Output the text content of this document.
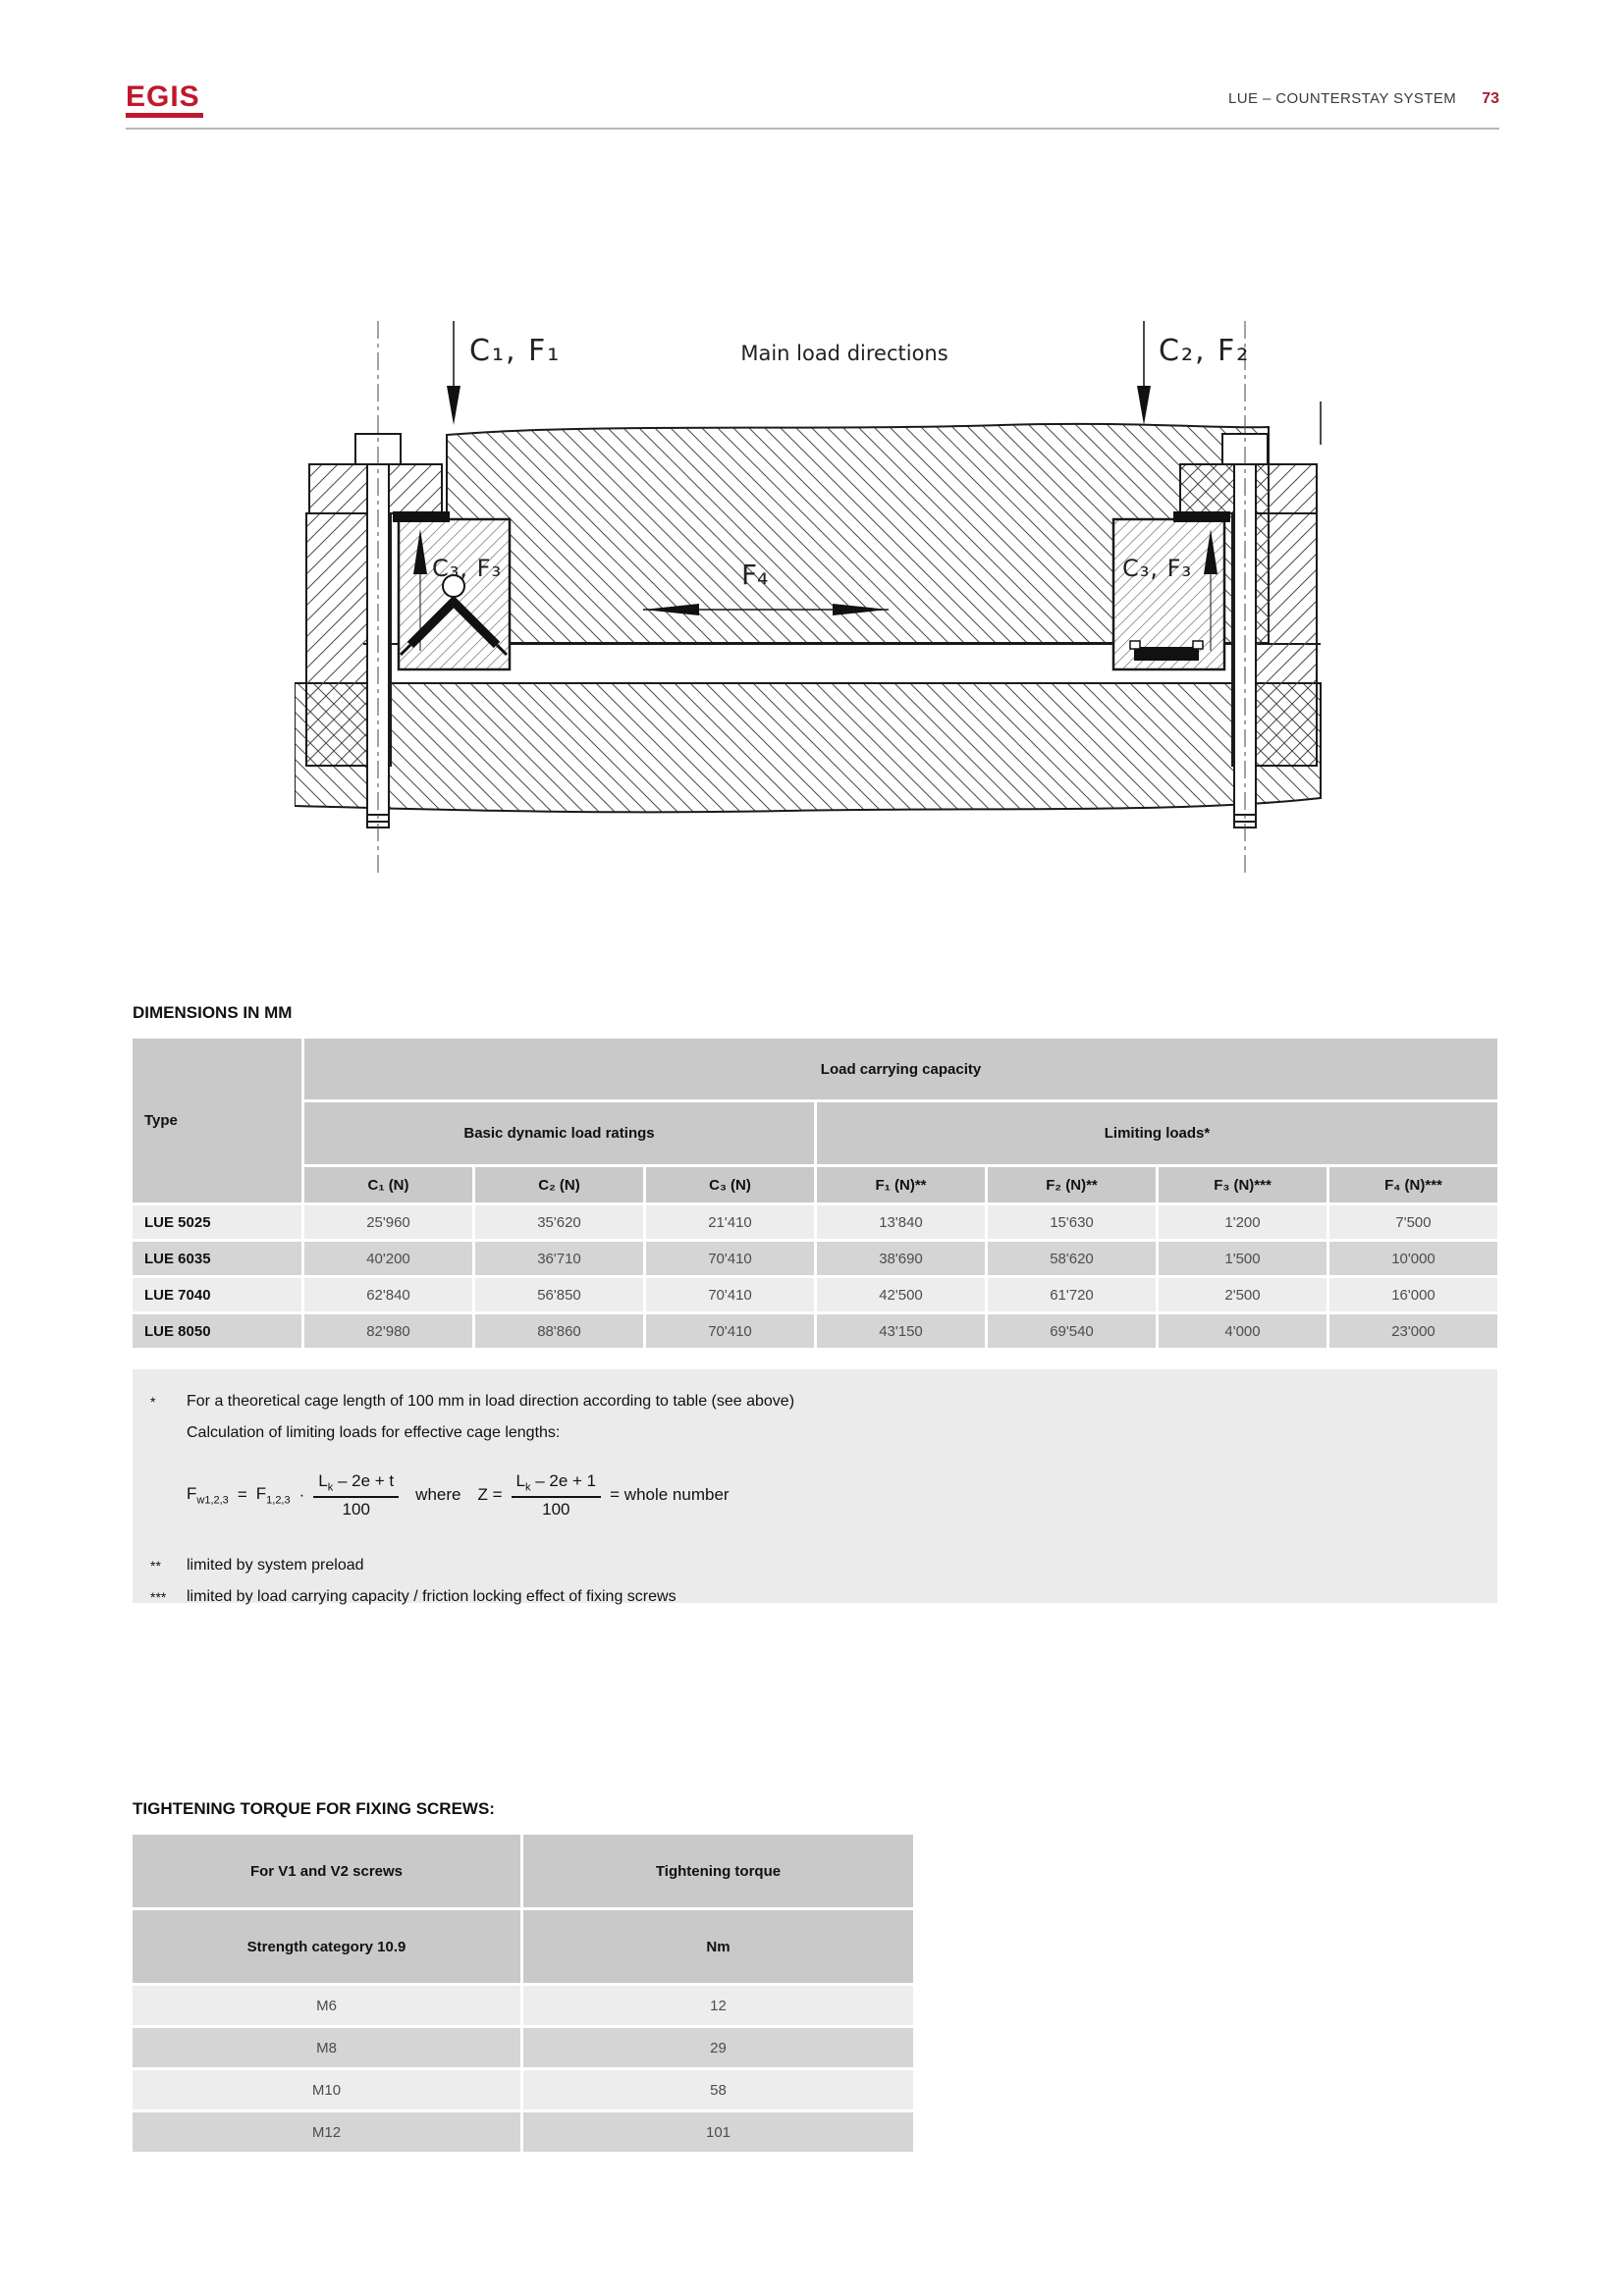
EGIS	LUE – COUNTERSTAY SYSTEM 73
C₁, F₁	C₂, F₂
Main load directions
C₃, F₃	C₃, F₃
F₄
DIMENSIONS IN MM
Type
Load carrying capacity
Basic dynamic load ratings	Limiting loads*
C₁ (N)	C₂ (N)	C₃ (N)	F₁ (N)**	F₂ (N)**	F₃ (N)***	F₄ (N)***
LUE 5025	25'960	35'620	21'410	13'840	15'630	1'200	7'500
LUE 6035	40'200	36'710	70'410	38'690	58'620	1'500	10'000
LUE 7040	62'840	56'850	70'410	42'500	61'720	2'500	16'000
LUE 8050	82'980	88'860	70'410	43'150	69'540	4'000	23'000
* For a theoretical cage length of 100 mm in load direction according to table (see above)
Calculation of limiting loads for effective cage lengths:
$F_{w1,2,3} = F_{1,2,3} \cdot \frac{L_k - 2e + t}{100}$ where $Z = \frac{L_k - 2e + 1}{100}$ = whole number
** limited by system preload
*** limited by load carrying capacity / friction locking effect of fixing screws
TIGHTENING TORQUE FOR FIXING SCREWS:
For V1 and V2 screws	Tightening torque
Strength category 10.9	Nm
M6	12
M8	29
M10	58
M12	101
